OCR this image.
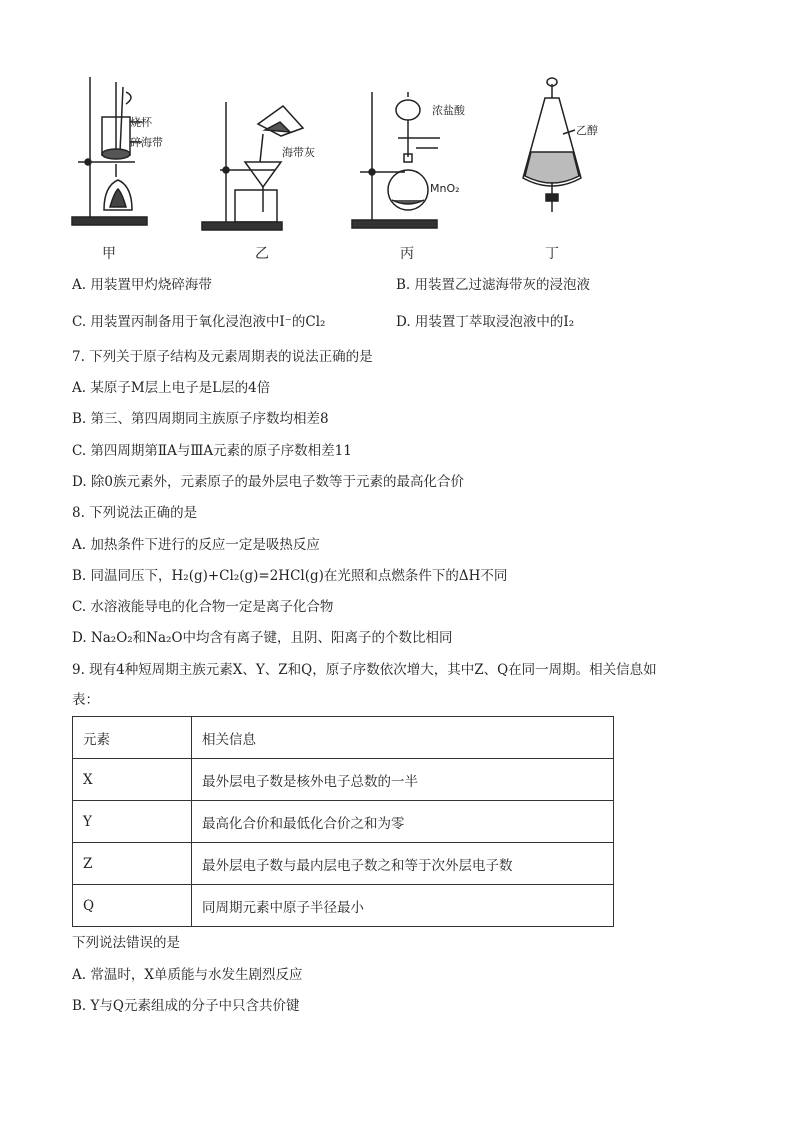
烧杯
碎海带
海带灰
浓盐酸
MnO₂
乙醇
甲	乙	丙	丁
A. 用装置甲灼烧碎海带	B. 用装置乙过滤海带灰的浸泡液
C. 用装置丙制备用于氧化浸泡液中I⁻的Cl₂	D. 用装置丁萃取浸泡液中的I₂
7. 下列关于原子结构及元素周期表的说法正确的是
A. 某原子M层上电子是L层的4倍
B. 第三、第四周期同主族原子序数均相差8
C. 第四周期第ⅡA与ⅢA元素的原子序数相差11
D. 除0族元素外，元素原子的最外层电子数等于元素的最高化合价
8. 下列说法正确的是
A. 加热条件下进行的反应一定是吸热反应
B. 同温同压下，H₂(g)+Cl₂(g)=2HCl(g)在光照和点燃条件下的ΔH不同
C. 水溶液能导电的化合物一定是离子化合物
D. Na₂O₂和Na₂O中均含有离子键，且阴、阳离子的个数比相同
9. 现有4种短周期主族元素X、Y、Z和Q，原子序数依次增大，其中Z、Q在同一周期。相关信息如
表：
元素	相关信息
X	最外层电子数是核外电子总数的一半
Y	最高化合价和最低化合价之和为零
Z	最外层电子数与最内层电子数之和等于次外层电子数
Q	同周期元素中原子半径最小
下列说法错误的是
A. 常温时，X单质能与水发生剧烈反应
B. Y与Q元素组成的分子中只含共价键
